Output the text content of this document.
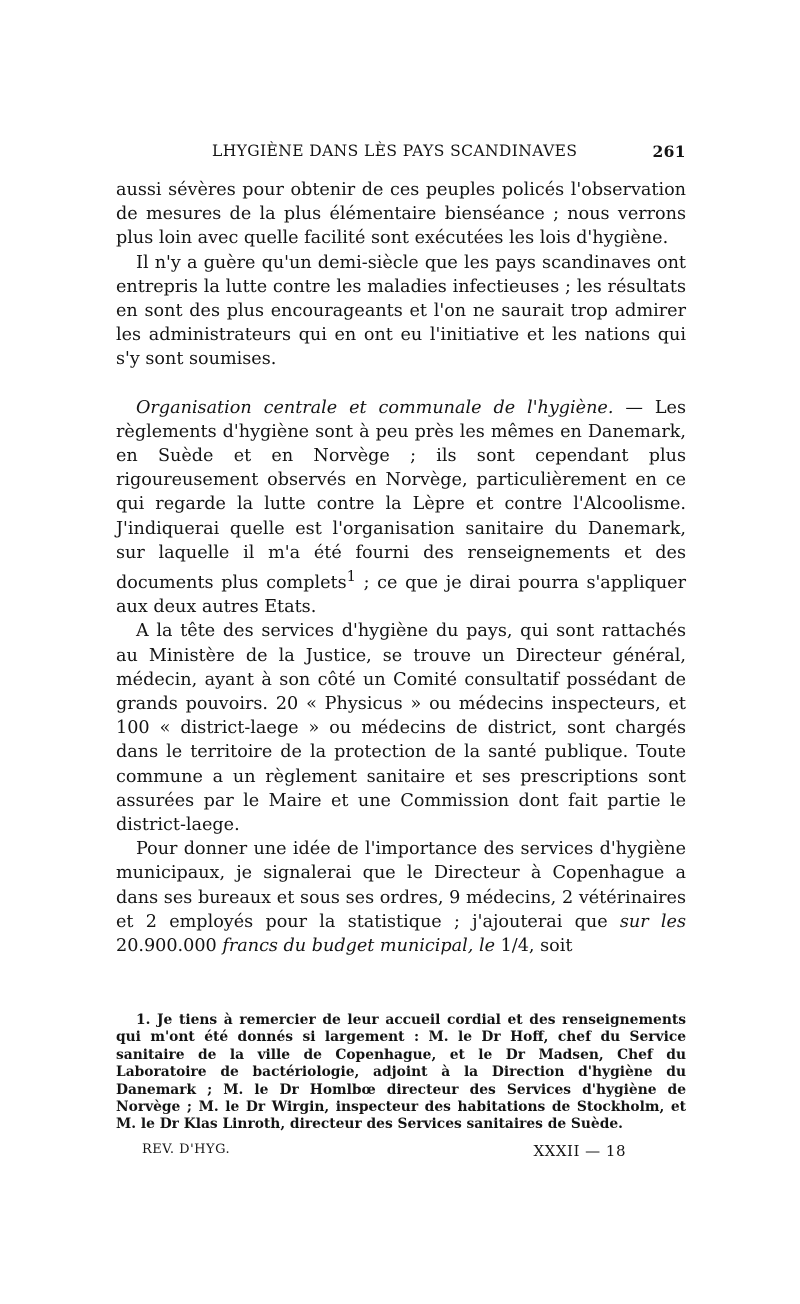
LHYGIÈNE DANS LÈS PAYS SCANDINAVES	261

aussi sévères pour obtenir de ces peuples policés l'observation de mesures de la plus élémentaire bienséance ; nous verrons plus loin avec quelle facilité sont exécutées les lois d'hygiène.

Il n'y a guère qu'un demi-siècle que les pays scandinaves ont entrepris la lutte contre les maladies infectieuses ; les résultats en sont des plus encourageants et l'on ne saurait trop admirer les administrateurs qui en ont eu l'initiative et les nations qui s'y sont soumises.

Organisation centrale et communale de l'hygiène. — Les règlements d'hygiène sont à peu près les mêmes en Danemark, en Suède et en Norvège ; ils sont cependant plus rigoureusement observés en Norvège, particulièrement en ce qui regarde la lutte contre la Lèpre et contre l'Alcoolisme. J'indiquerai quelle est l'organisation sanitaire du Danemark, sur laquelle il m'a été fourni des renseignements et des documents plus complets$^1$ ; ce que je dirai pourra s'appliquer aux deux autres Etats.

A la tête des services d'hygiène du pays, qui sont rattachés au Ministère de la Justice, se trouve un Directeur général, médecin, ayant à son côté un Comité consultatif possédant de grands pouvoirs. 20 « Physicus » ou médecins inspecteurs, et 100 « district-laege » ou médecins de district, sont chargés dans le territoire de la protection de la santé publique. Toute commune a un règlement sanitaire et ses prescriptions sont assurées par le Maire et une Commission dont fait partie le district-laege.

Pour donner une idée de l'importance des services d'hygiène municipaux, je signalerai que le Directeur à Copenhague a dans ses bureaux et sous ses ordres, 9 médecins, 2 vétérinaires et 2 employés pour la statistique ; j'ajouterai que sur les 20.900.000 francs du budget municipal, le 1/4, soit

1. Je tiens à remercier de leur accueil cordial et des renseignements qui m'ont été donnés si largement : M. le Dr Hoff, chef du Service sanitaire de la ville de Copenhague, et le Dr Madsen, Chef du Laboratoire de bactériologie, adjoint à la Direction d'hygiène du Danemark ; M. le Dr Homlbœ directeur des Services d'hygiène de Norvège ; M. le Dr Wirgin, inspecteur des habitations de Stockholm, et M. le Dr Klas Linroth, directeur des Services sanitaires de Suède.

REV. D'HYG.	XXXII — 18
